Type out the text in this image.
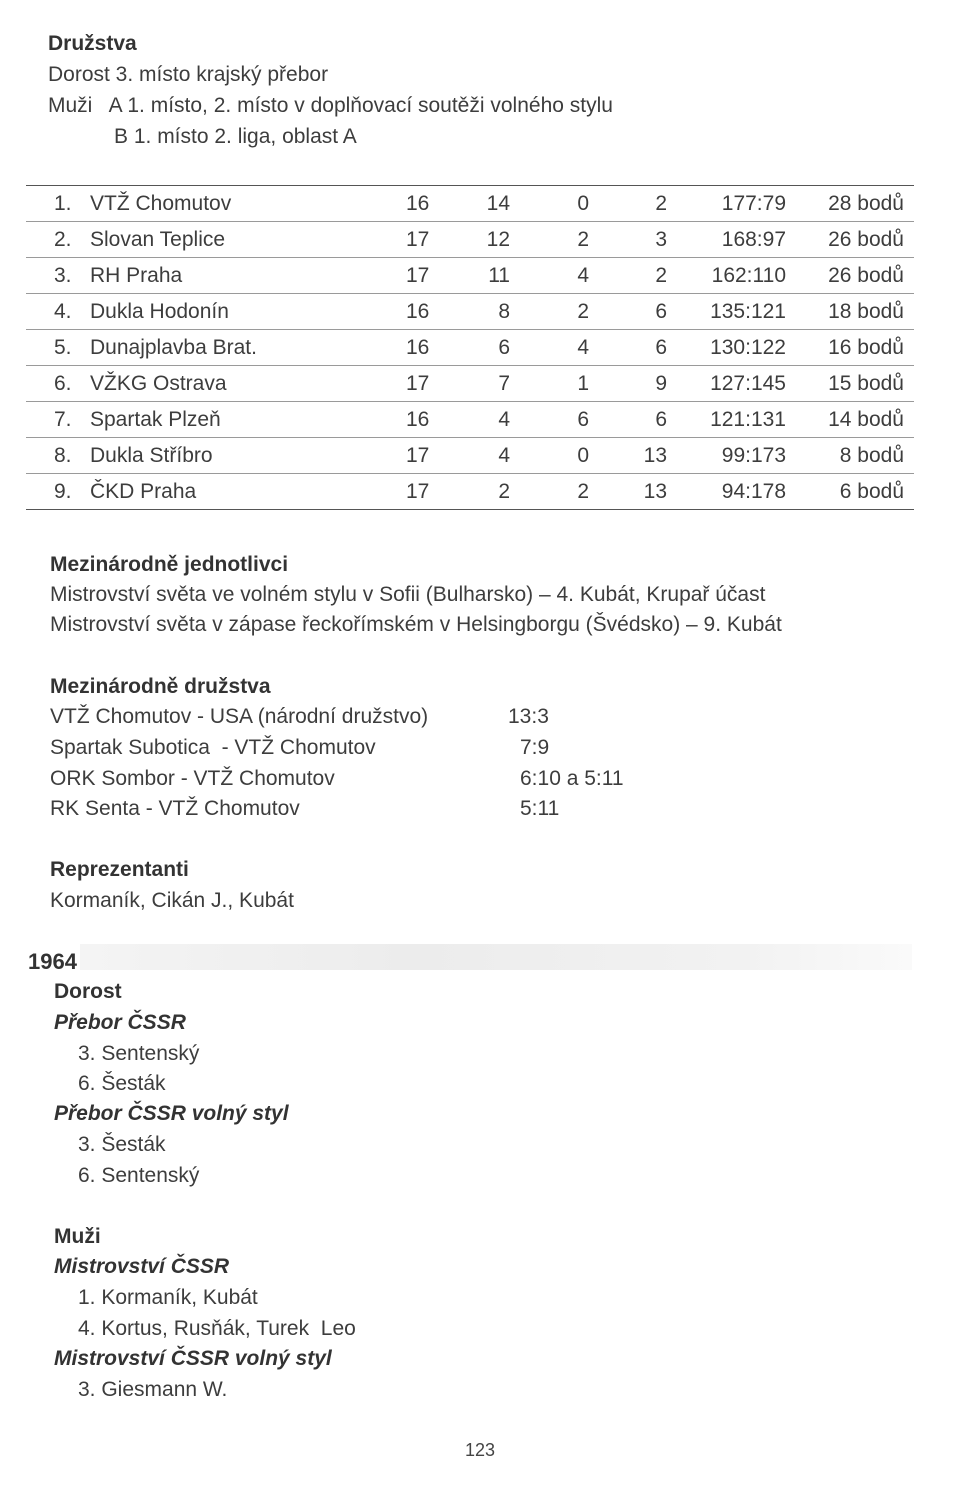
Družstva
Dorost 3. místo krajský přebor
Muži   A 1. místo, 2. místo v doplňovací soutěži volného stylu
B 1. místo 2. liga, oblast A
1. VTŽ Chomutov	16	14	0	2	177:79 28 bodů
2. Slovan Teplice	17	12	2	3	168:97 26 bodů
3. RH Praha	17	11	4	2 162:110 26 bodů
4. Dukla Hodonín	16	8	2	6 135:121 18 bodů
5. Dunajplavba Brat.	16	6	4	6 130:122 16 bodů
6. VŽKG Ostrava	17	7	1	9 127:145 15 bodů
7. Spartak Plzeň	16	4	6	6 121:131 14 bodů
8. Dukla Stříbro	17	4	0	13	99:173	8 bodů
9. ČKD Praha	17	2	2	13	94:178	6 bodů
Mezinárodně jednotlivci
Mistrovství světa ve volném stylu v Sofii (Bulharsko) – 4. Kubát, Krupař účast
Mistrovství světa v zápase řeckořímském v Helsingborgu (Švédsko) – 9. Kubát
Mezinárodně družstva
VTŽ Chomutov - USA (národní družstvo)	13:3
Spartak Subotica  - VTŽ Chomutov	7:9
ORK Sombor - VTŽ Chomutov	6:10 a 5:11
RK Senta - VTŽ Chomutov	5:11
Reprezentanti
Kormaník, Cikán J., Kubát
1964
Dorost
Přebor ČSSR
3. Sentenský
6. Šesták
Přebor ČSSR volný styl
3. Šesták
6. Sentenský
Muži
Mistrovství ČSSR
1. Kormaník, Kubát
4. Kortus, Rusňák, Turek  Leo
Mistrovství ČSSR volný styl
3. Giesmann W.
123
